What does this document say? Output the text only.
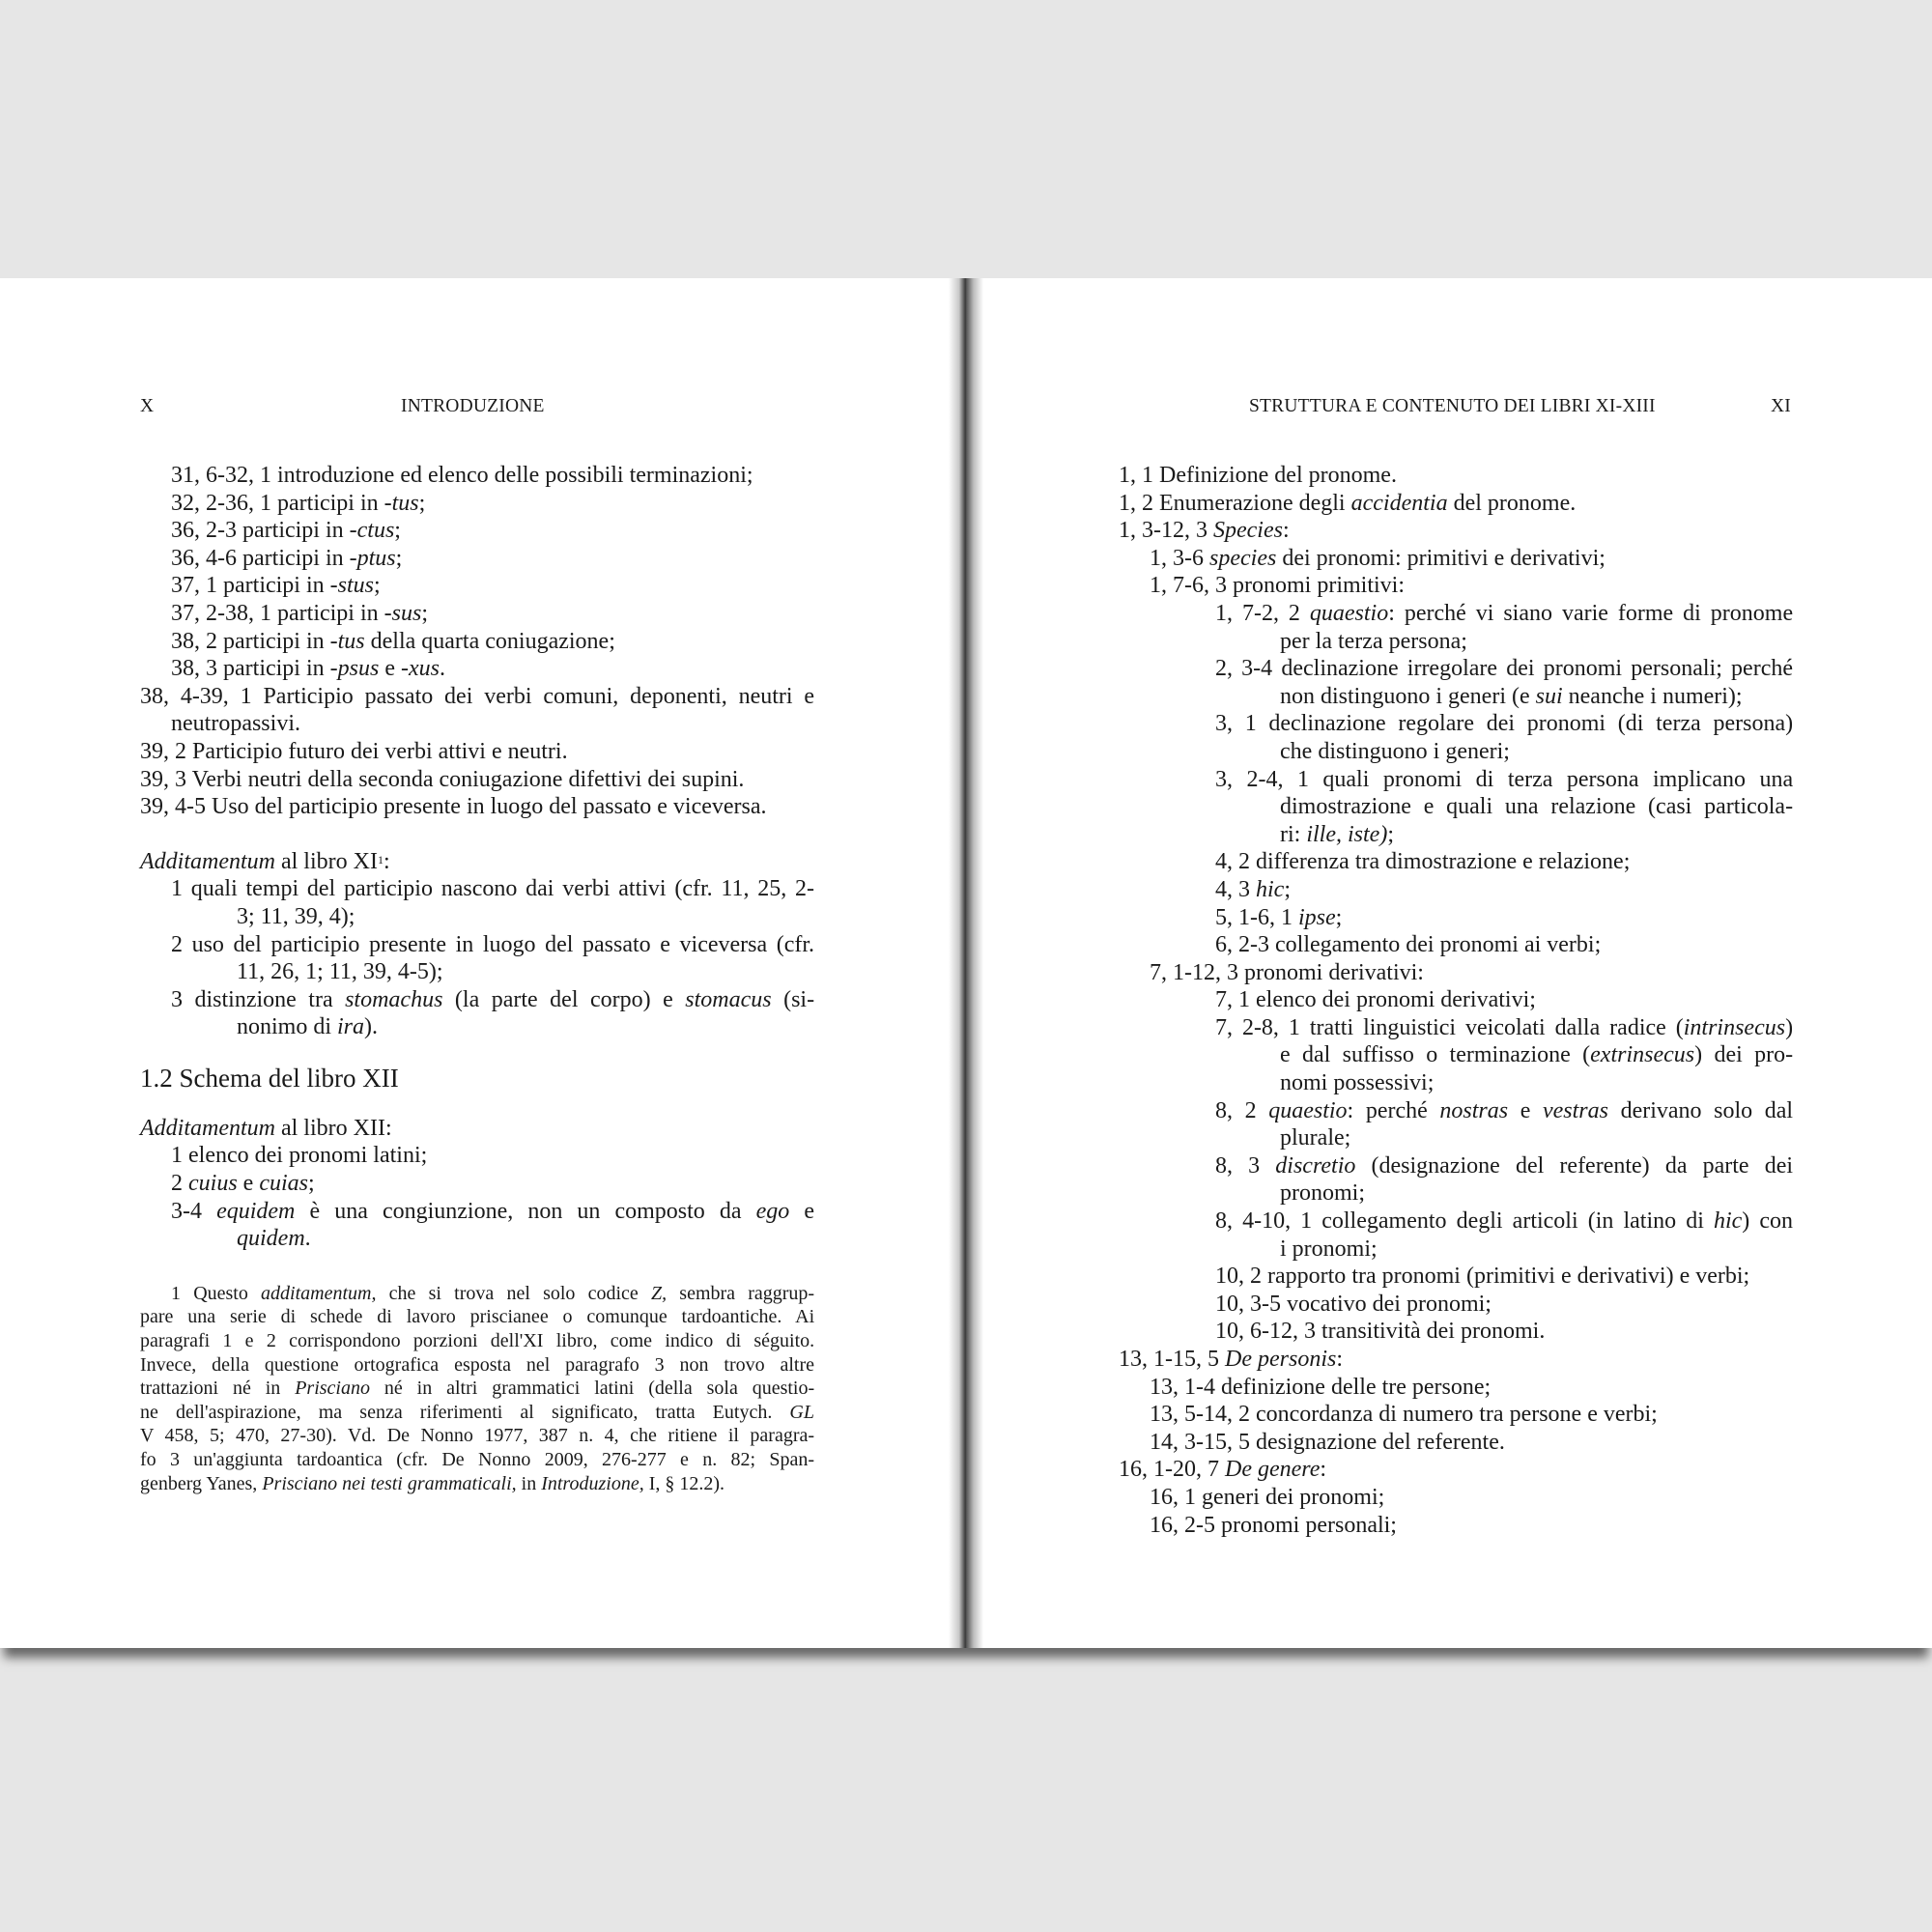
X	INTRODUZIONE
31, 6-32, 1 introduzione ed elenco delle possibili terminazioni;
32, 2-36, 1 participi in -tus;
36, 2-3 participi in -ctus;
36, 4-6 participi in -ptus;
37, 1 participi in -stus;
37, 2-38, 1 participi in -sus;
38, 2 participi in -tus della quarta coniugazione;
38, 3 participi in -psus e -xus.
38, 4-39, 1 Participio passato dei verbi comuni, deponenti, neutri e
neutropassivi.
39, 2 Participio futuro dei verbi attivi e neutri.
39, 3 Verbi neutri della seconda coniugazione difettivi dei supini.
39, 4-5 Uso del participio presente in luogo del passato e viceversa.
Additamentum al libro $XI^1$:
1 quali tempi del participio nascono dai verbi attivi (cfr. 11, 25, 2-
3; 11, 39, 4);
2 uso del participio presente in luogo del passato e viceversa (cfr.
11, 26, 1; 11, 39, 4-5);
3 distinzione tra stomachus (la parte del corpo) e stomacus (si-
nonimo di ira).
1.2 Schema del libro XII
Additamentum al libro XII:
1 elenco dei pronomi latini;
2 cuius e cuias;
3-4 equidem è una congiunzione, non un composto da ego e
quidem.
1 Questo additamentum, che si trova nel solo codice Z, sembra raggrup-
pare una serie di schede di lavoro priscianee o comunque tardoantiche. Ai
paragrafi 1 e 2 corrispondono porzioni dell'XI libro, come indico di séguito.
Invece, della questione ortografica esposta nel paragrafo 3 non trovo altre
trattazioni né in Prisciano né in altri grammatici latini (della sola questio-
ne dell'aspirazione, ma senza riferimenti al significato, tratta Eutych. GL
V 458, 5; 470, 27-30). Vd. De Nonno 1977, 387 n. 4, che ritiene il paragra-
fo 3 un'aggiunta tardoantica (cfr. De Nonno 2009, 276-277 e n. 82; Span-
genberg Yanes, Prisciano nei testi grammaticali, in Introduzione, I, § 12.2).
STRUTTURA E CONTENUTO DEI LIBRI XI-XIII	XI
1, 1 Definizione del pronome.
1, 2 Enumerazione degli accidentia del pronome.
1, 3-12, 3 Species:
1, 3-6 species dei pronomi: primitivi e derivativi;
1, 7-6, 3 pronomi primitivi:
1, 7-2, 2 quaestio: perché vi siano varie forme di pronome
per la terza persona;
2, 3-4 declinazione irregolare dei pronomi personali; perché
non distinguono i generi (e sui neanche i numeri);
3, 1 declinazione regolare dei pronomi (di terza persona)
che distinguono i generi;
3, 2-4, 1 quali pronomi di terza persona implicano una
dimostrazione e quali una relazione (casi particola-
ri: ille, iste);
4, 2 differenza tra dimostrazione e relazione;
4, 3 hic;
5, 1-6, 1 ipse;
6, 2-3 collegamento dei pronomi ai verbi;
7, 1-12, 3 pronomi derivativi:
7, 1 elenco dei pronomi derivativi;
7, 2-8, 1 tratti linguistici veicolati dalla radice (intrinsecus)
e dal suffisso o terminazione (extrinsecus) dei pro-
nomi possessivi;
8, 2 quaestio: perché nostras e vestras derivano solo dal
plurale;
8, 3 discretio (designazione del referente) da parte dei
pronomi;
8, 4-10, 1 collegamento degli articoli (in latino di hic) con
i pronomi;
10, 2 rapporto tra pronomi (primitivi e derivativi) e verbi;
10, 3-5 vocativo dei pronomi;
10, 6-12, 3 transitività dei pronomi.
13, 1-15, 5 De personis:
13, 1-4 definizione delle tre persone;
13, 5-14, 2 concordanza di numero tra persone e verbi;
14, 3-15, 5 designazione del referente.
16, 1-20, 7 De genere:
16, 1 generi dei pronomi;
16, 2-5 pronomi personali;
